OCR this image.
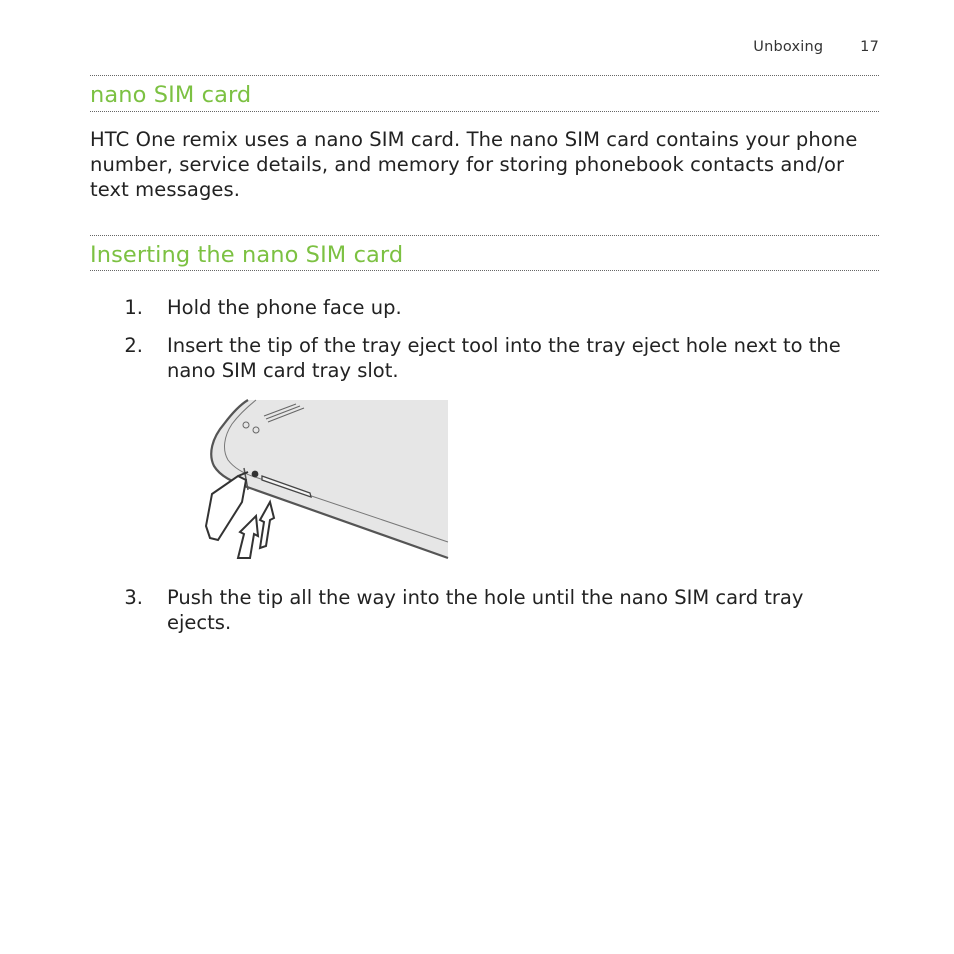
Unboxing	17
nano SIM card
HTC One remix uses a nano SIM card. The nano SIM card contains your phone number, service details, and memory for storing phonebook contacts and/or text messages.
Inserting the nano SIM card
1. Hold the phone face up.
2. Insert the tip of the tray eject tool into the tray eject hole next to the nano SIM card tray slot.
3. Push the tip all the way into the hole until the nano SIM card tray ejects.
